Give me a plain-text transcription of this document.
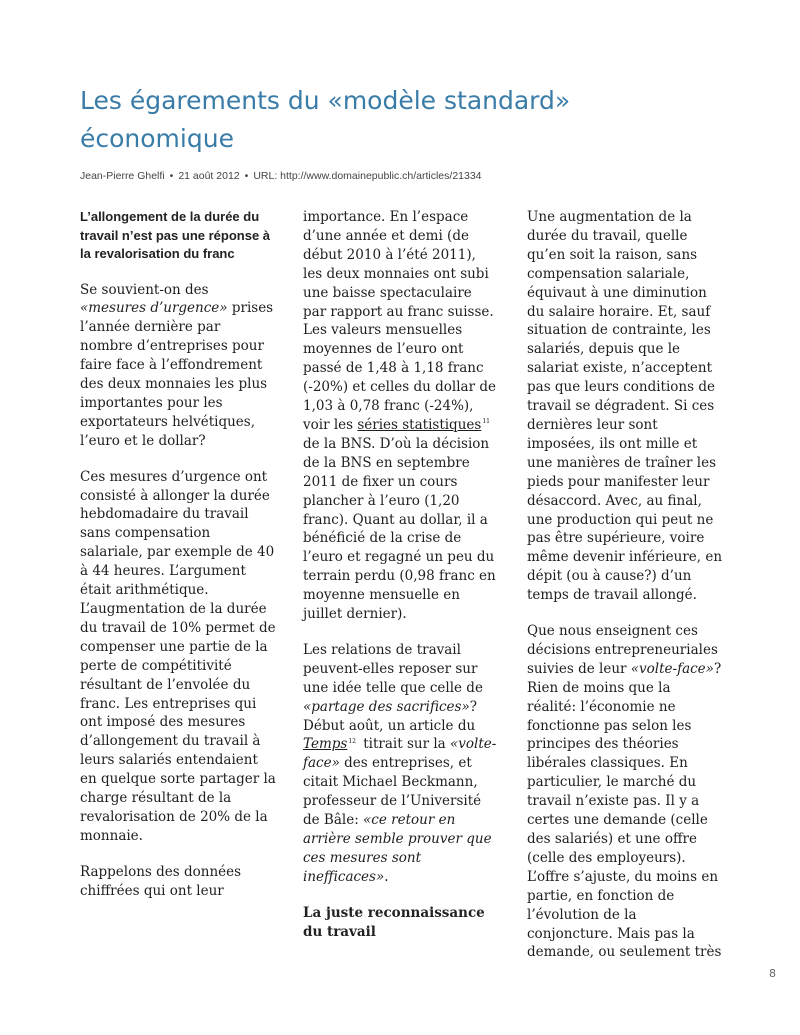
Les égarements du «modèle standard» économique
Jean-Pierre Ghelfi • 21 août 2012 • URL: http://www.domainepublic.ch/articles/21334

L’allongement de la durée du travail n’est pas une réponse à la revalorisation du franc

Se souvient-on des «mesures d’urgence» prises l’année dernière par nombre d’entreprises pour faire face à l’effondrement des deux monnaies les plus importantes pour les exportateurs helvétiques, l’euro et le dollar?

Ces mesures d’urgence ont consisté à allonger la durée hebdomadaire du travail sans compensation salariale, par exemple de 40 à 44 heures. L’argument était arithmétique.

L’augmentation de la durée du travail de 10% permet de compenser une partie de la perte de compétitivité résultant de l’envolée du franc. Les entreprises qui ont imposé des mesures d’allongement du travail à leurs salariés entendaient en quelque sorte partager la charge résultant de la revalorisation de 20% de la monnaie.

Rappelons des données chiffrées qui ont leur

importance. En l’espace d’une année et demi (de début 2010 à l’été 2011), les deux monnaies ont subi une baisse spectaculaire par rapport au franc suisse. Les valeurs mensuelles moyennes de l’euro ont passé de 1,48 à 1,18 franc (-20%) et celles du dollar de 1,03 à 0,78 franc (-24%), voir les séries statistiques$^{11}$ de la BNS. D’où la décision de la BNS en septembre 2011 de fixer un cours plancher à l’euro (1,20 franc). Quant au dollar, il a bénéficié de la crise de l’euro et regagné un peu du terrain perdu (0,98 franc en moyenne mensuelle en juillet dernier).

Les relations de travail peuvent-elles reposer sur une idée telle que celle de «partage des sacrifices»? Début août, un article du Temps$^{12}$ titrait sur la «volte-face» des entreprises, et citait Michael Beckmann, professeur de l’Université de Bâle: «ce retour en arrière semble prouver que ces mesures sont inefficaces».

La juste reconnaissance du travail

Une augmentation de la durée du travail, quelle qu’en soit la raison, sans compensation salariale, équivaut à une diminution du salaire horaire. Et, sauf situation de contrainte, les salariés, depuis que le salariat existe, n’acceptent pas que leurs conditions de travail se dégradent. Si ces dernières leur sont imposées, ils ont mille et une manières de traîner les pieds pour manifester leur désaccord. Avec, au final, une production qui peut ne pas être supérieure, voire même devenir inférieure, en dépit (ou à cause?) d’un temps de travail allongé.

Que nous enseignent ces décisions entrepreneuriales suivies de leur «volte-face»? Rien de moins que la réalité: l’économie ne fonctionne pas selon les principes des théories libérales classiques. En particulier, le marché du travail n’existe pas. Il y a certes une demande (celle des salariés) et une offre (celle des employeurs). L’offre s’ajuste, du moins en partie, en fonction de l’évolution de la conjoncture. Mais pas la demande, ou seulement très

8
